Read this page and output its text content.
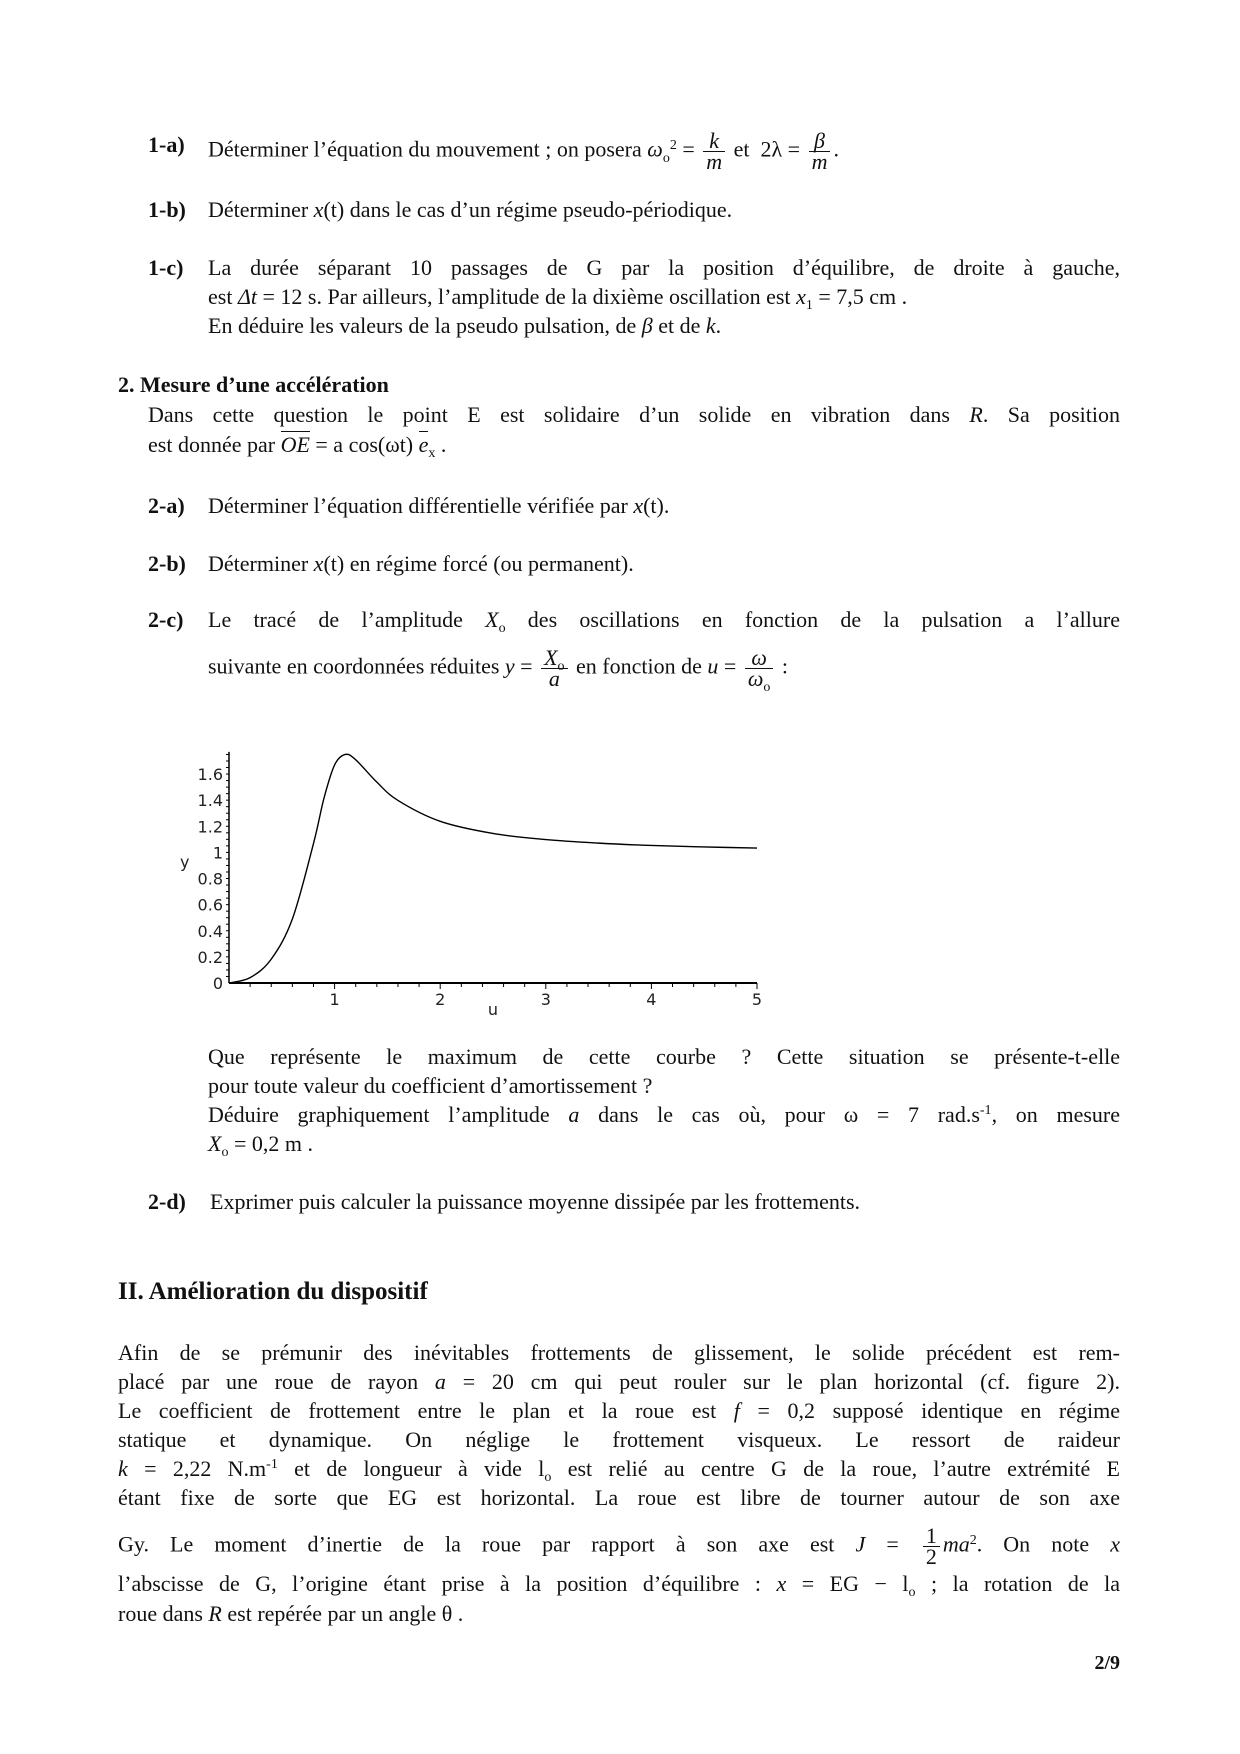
1-a) Déterminer l’équation du mouvement ; on posera $\omega_o^2 = \frac{k}{m}$ et $2\lambda = \frac{\beta}{m}$ .
1-b) Déterminer x(t) dans le cas d’un régime pseudo-périodique.
1-c) La durée séparant 10 passages de G par la position d’équilibre, de droite à gauche,
est Δt = 12 s. Par ailleurs, l’amplitude de la dixième oscillation est $x_1 = 7,5$ cm .
En déduire les valeurs de la pseudo pulsation, de β et de k.
2. Mesure d’une accélération
Dans cette question le point E est solidaire d’un solide en vibration dans R. Sa position
est donnée par OE = a cos(ωt) $e_x$ .
2-a) Déterminer l’équation différentielle vérifiée par x(t).
2-b) Déterminer x(t) en régime forcé (ou permanent).
2-c) Le tracé de l’amplitude $X_o$ des oscillations en fonction de la pulsation a l’allure
suivante en coordonnées réduites $y = \frac{X_o}{a}$ en fonction de $u = \frac{\omega}{\omega_o}$ :
1	2	3	4	5
0
0.2
0.4
0.6
0.8
1
1.2
1.4
1.6
u
y
Que représente le maximum de cette courbe ? Cette situation se présente-t-elle
pour toute valeur du coefficient d’amortissement ?
Déduire graphiquement l’amplitude a dans le cas où, pour ω = 7 $rad.s^{-1}$, on mesure
$X_o = 0,2$ m .
2-d) Exprimer puis calculer la puissance moyenne dissipée par les frottements.
II. Amélioration du dispositif
Afin de se prémunir des inévitables frottements de glissement, le solide précédent est rem-
placé par une roue de rayon a = 20 cm qui peut rouler sur le plan horizontal (cf. figure 2).
Le coefficient de frottement entre le plan et la roue est f = 0,2 supposé identique en régime
statique et dynamique. On néglige le frottement visqueux. Le ressort de raideur
k = 2,22 $N.m^{-1}$ et de longueur à vide $l_o$ est relié au centre G de la roue, l’autre extrémité E
étant fixe de sorte que EG est horizontal. La roue est libre de tourner autour de son axe
Gy. Le moment d’inertie de la roue par rapport à son axe est $J = \frac{1}{2} ma^2$. On note x
l’abscisse de G, l’origine étant prise à la position d’équilibre : x = EG − $l_o$ ; la rotation de la
roue dans R est repérée par un angle θ .
2/9
